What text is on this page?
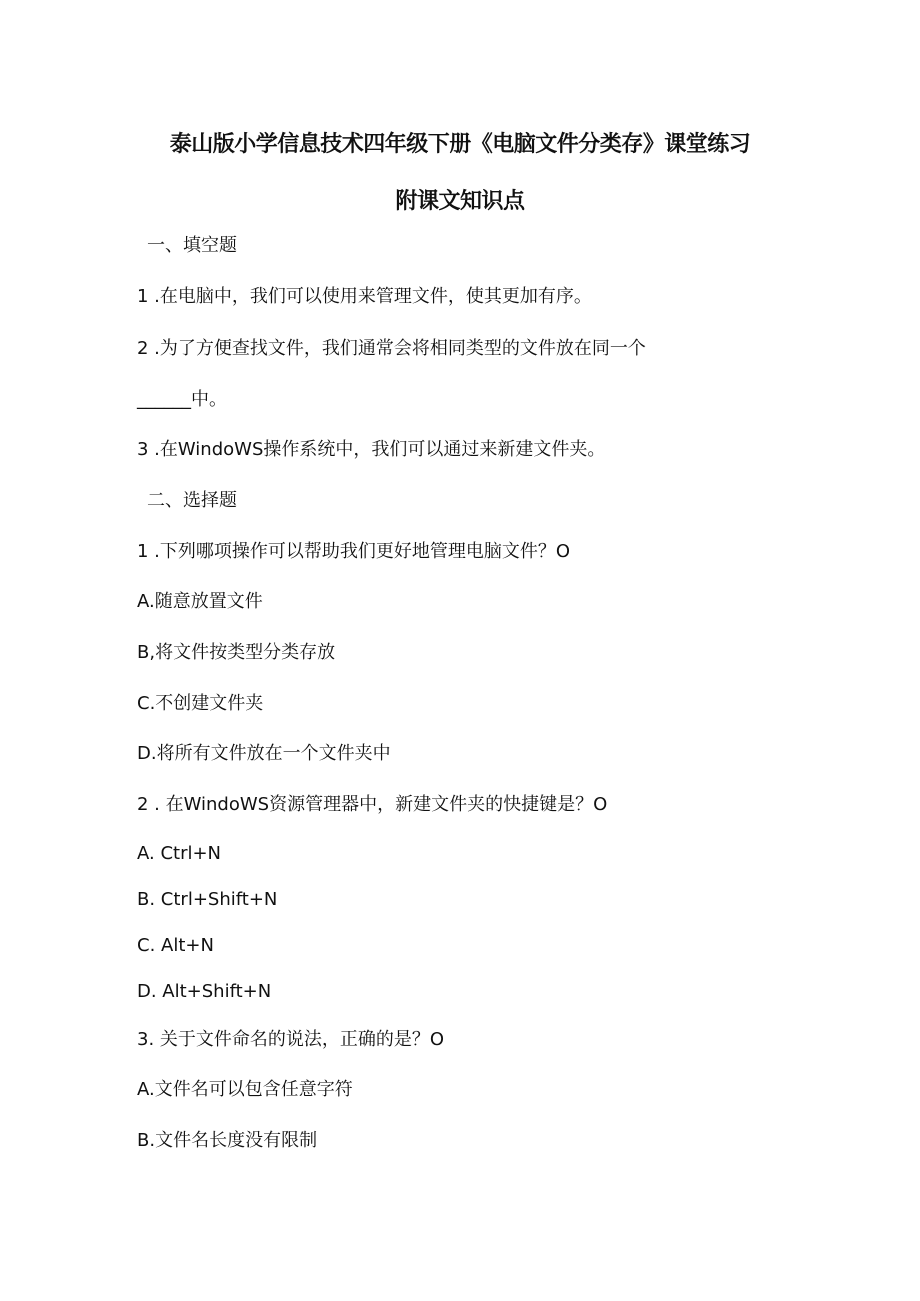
泰山版小学信息技术四年级下册《电脑文件分类存》课堂练习
附课文知识点
一、填空题
1 .在电脑中，我们可以使用来管理文件，使其更加有序。
2 .为了方便查找文件，我们通常会将相同类型的文件放在同一个
______中。
3 .在WindoWS操作系统中，我们可以通过来新建文件夹。
二、选择题
1 .下列哪项操作可以帮助我们更好地管理电脑文件？O
A.随意放置文件
B,将文件按类型分类存放
C.不创建文件夹
D.将所有文件放在一个文件夹中
2 . 在WindoWS资源管理器中，新建文件夹的快捷键是？O
A. Ctrl+N
B. Ctrl+Shift+N
C. Alt+N
D. Alt+Shift+N
3. 关于文件命名的说法，正确的是？O
A.文件名可以包含任意字符
B.文件名长度没有限制
